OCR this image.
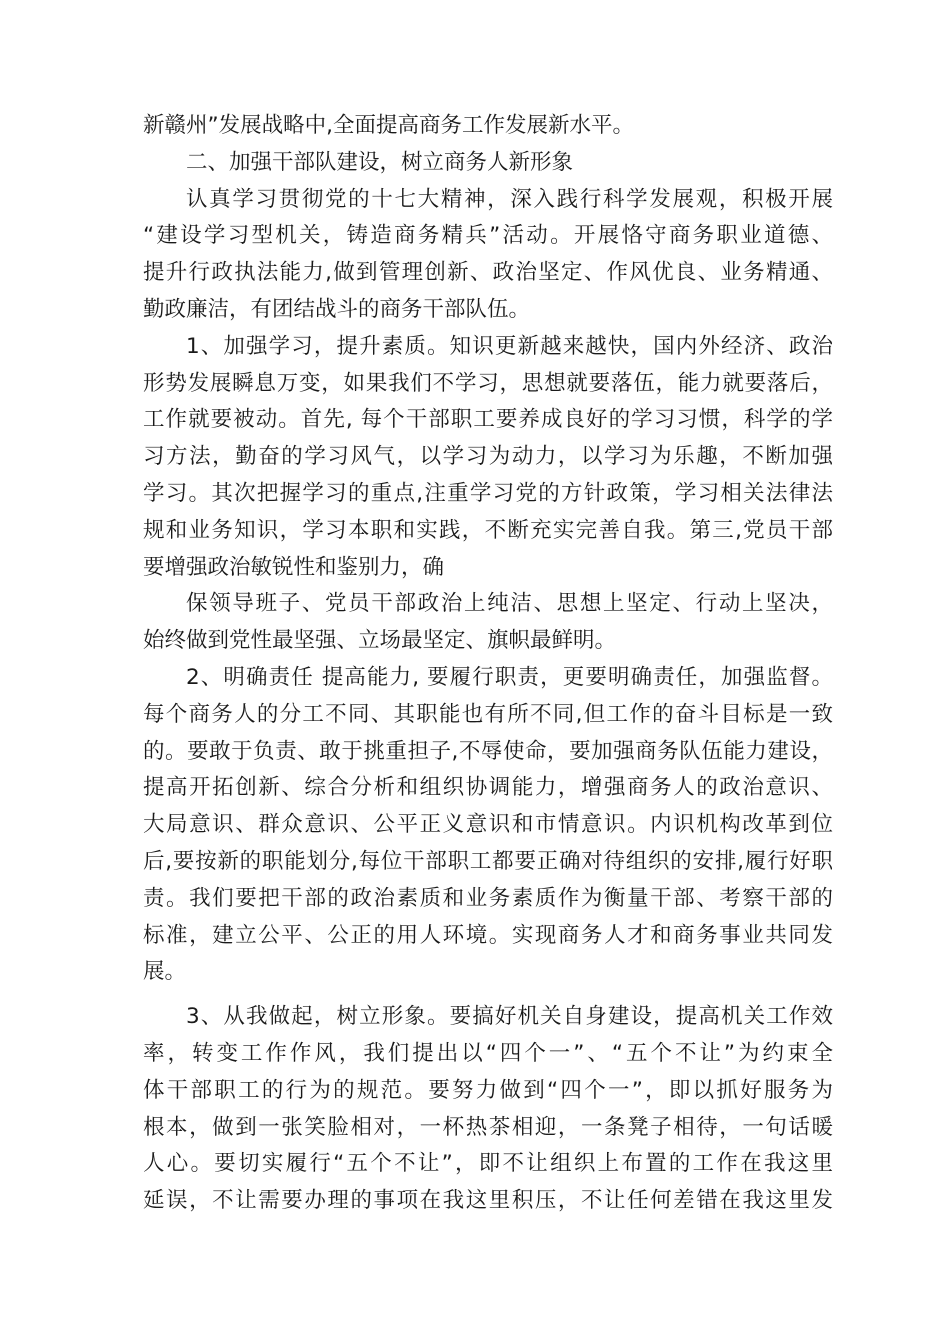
新赣州”发展战略中,全面提高商务工作发展新水平。
二、加强干部队建设，树立商务人新形象
认真学习贯彻党的十七大精神，深入践行科学发展观，积极开展
“建设学习型机关，铸造商务精兵”活动。开展恪守商务职业道德、
提升行政执法能力,做到管理创新、政治坚定、作风优良、业务精通、
勤政廉洁，有团结战斗的商务干部队伍。
1、加强学习，提升素质。知识更新越来越快，国内外经济、政治
形势发展瞬息万变，如果我们不学习，思想就要落伍，能力就要落后，
工作就要被动。首先, 每个干部职工要养成良好的学习习惯，科学的学
习方法，勤奋的学习风气，以学习为动力，以学习为乐趣，不断加强
学习。其次把握学习的重点,注重学习党的方针政策，学习相关法律法
规和业务知识，学习本职和实践，不断充实完善自我。第三,党员干部
要增强政治敏锐性和鉴别力，确
保领导班子、党员干部政治上纯洁、思想上坚定、行动上坚决，
始终做到党性最坚强、立场最坚定、旗帜最鲜明。
2、明确责任 提高能力, 要履行职责，更要明确责任，加强监督。
每个商务人的分工不同、其职能也有所不同,但工作的奋斗目标是一致
的。要敢于负责、敢于挑重担子,不辱使命，要加强商务队伍能力建设，
提高开拓创新、综合分析和组织协调能力，增强商务人的政治意识、
大局意识、群众意识、公平正义意识和市情意识。内识机构改革到位
后,要按新的职能划分,每位干部职工都要正确对待组织的安排,履行好职
责。我们要把干部的政治素质和业务素质作为衡量干部、考察干部的
标准，建立公平、公正的用人环境。实现商务人才和商务事业共同发
展。
3、从我做起，树立形象。要搞好机关自身建设，提高机关工作效
率，转变工作作风，我们提出以“四个一”、“五个不让”为约束全
体干部职工的行为的规范。要努力做到“四个一”，即以抓好服务为
根本，做到一张笑脸相对，一杯热茶相迎，一条凳子相待，一句话暖
人心。要切实履行“五个不让”，即不让组织上布置的工作在我这里
延误，不让需要办理的事项在我这里积压，不让任何差错在我这里发
